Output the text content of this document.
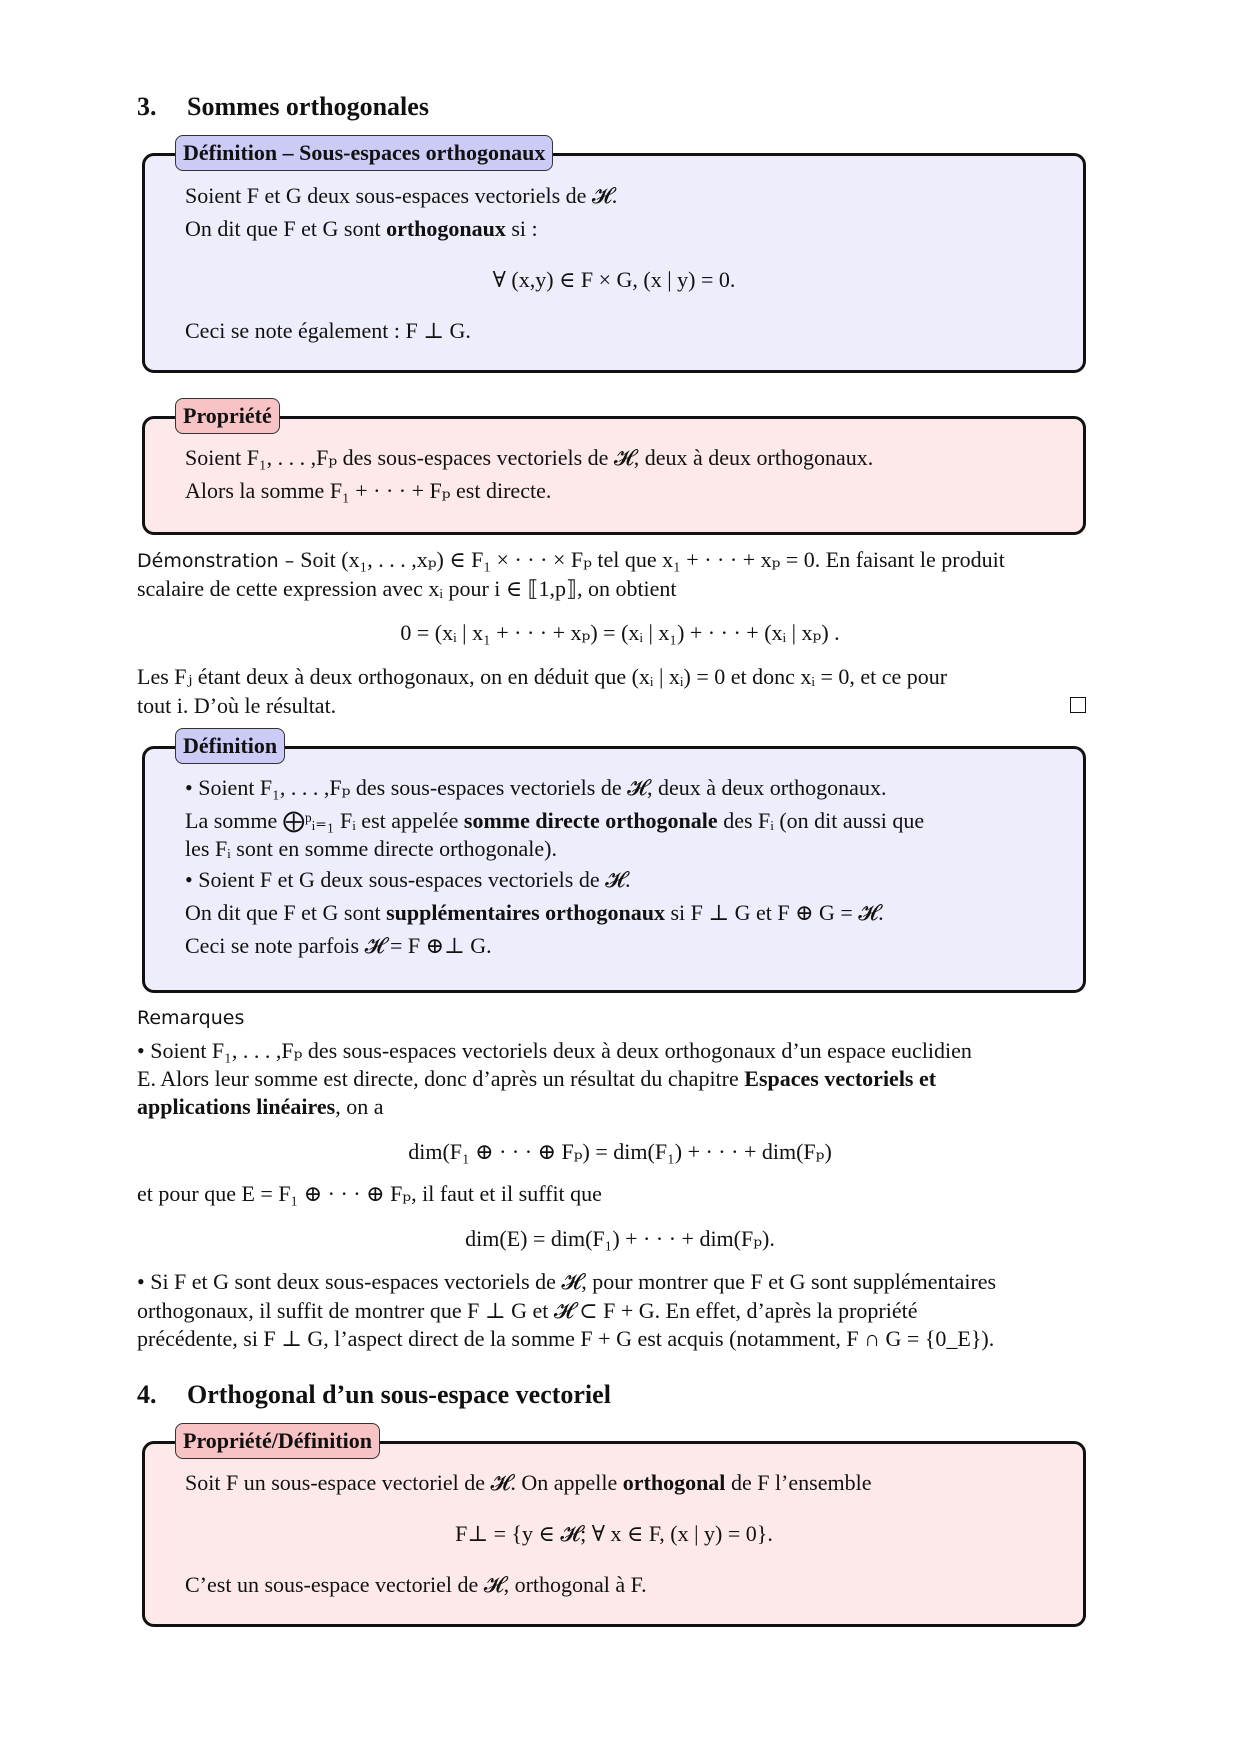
3. Sommes orthogonales
Définition – Sous-espaces orthogonaux
Soient F et G deux sous-espaces vectoriels de 𝓗.
On dit que F et G sont orthogonaux si :
∀ (x,y) ∈ F × G, (x | y) = 0.
Ceci se note également : F ⊥ G.
Propriété
Soient F₁, . . . ,Fₚ des sous-espaces vectoriels de 𝓗, deux à deux orthogonaux.
Alors la somme F₁ + · · · + Fₚ est directe.
Démonstration – Soit (x₁, . . . ,xₚ) ∈ F₁ × · · · × Fₚ tel que x₁ + · · · + xₚ = 0. En faisant le produit
scalaire de cette expression avec xᵢ pour i ∈ ⟦1,p⟧, on obtient
0 = (xᵢ | x₁ + · · · + xₚ) = (xᵢ | x₁) + · · · + (xᵢ | xₚ) .
Les Fⱼ étant deux à deux orthogonaux, on en déduit que (xᵢ | xᵢ) = 0 et donc xᵢ = 0, et ce pour
tout i. D’où le résultat.
Définition
• Soient F₁, . . . ,Fₚ des sous-espaces vectoriels de 𝓗, deux à deux orthogonaux.
La somme ⨁ᵖᵢ₌₁ Fᵢ est appelée somme directe orthogonale des Fᵢ (on dit aussi que
les Fᵢ sont en somme directe orthogonale).
• Soient F et G deux sous-espaces vectoriels de 𝓗.
On dit que F et G sont supplémentaires orthogonaux si F ⊥ G et F ⊕ G = 𝓗.
Ceci se note parfois 𝓗 = F ⊕⊥ G.
Remarques
• Soient F₁, . . . ,Fₚ des sous-espaces vectoriels deux à deux orthogonaux d’un espace euclidien
E. Alors leur somme est directe, donc d’après un résultat du chapitre Espaces vectoriels et
applications linéaires, on a
dim(F₁ ⊕ · · · ⊕ Fₚ) = dim(F₁) + · · · + dim(Fₚ)
et pour que E = F₁ ⊕ · · · ⊕ Fₚ, il faut et il suffit que
dim(E) = dim(F₁) + · · · + dim(Fₚ).
• Si F et G sont deux sous-espaces vectoriels de 𝓗, pour montrer que F et G sont supplémentaires
orthogonaux, il suffit de montrer que F ⊥ G et 𝓗 ⊂ F + G. En effet, d’après la propriété
précédente, si F ⊥ G, l’aspect direct de la somme F + G est acquis (notamment, F ∩ G = {0_E}).
4. Orthogonal d’un sous-espace vectoriel
Propriété/Définition
Soit F un sous-espace vectoriel de 𝓗. On appelle orthogonal de F l’ensemble
F⊥ = {y ∈ 𝓗; ∀ x ∈ F, (x | y) = 0}.
C’est un sous-espace vectoriel de 𝓗, orthogonal à F.
